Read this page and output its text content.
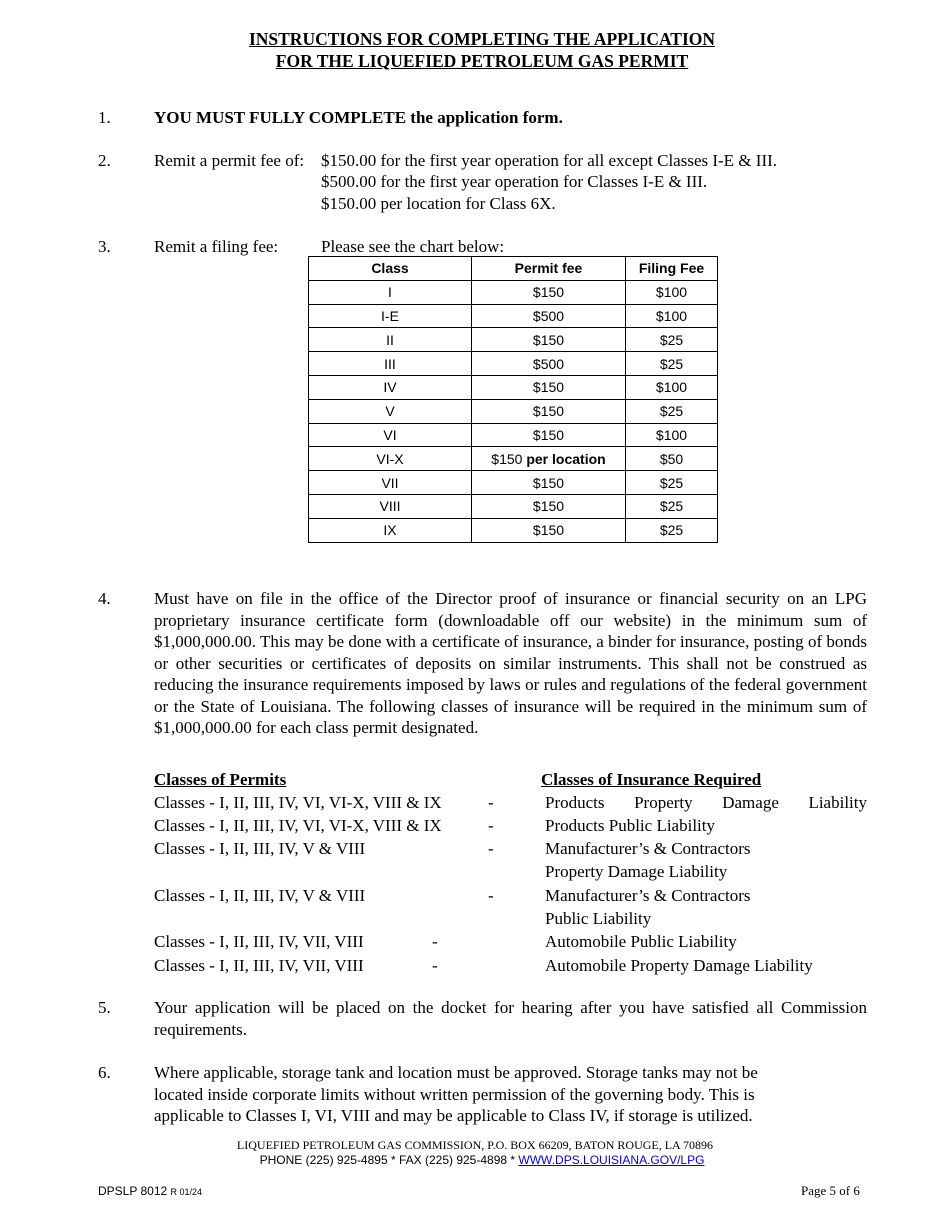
INSTRUCTIONS FOR COMPLETING THE APPLICATION
FOR THE LIQUEFIED PETROLEUM GAS PERMIT
1.	YOU MUST FULLY COMPLETE the application form.
2.	Remit a permit fee of: $150.00 for the first year operation for all except Classes I-E & III.
$500.00 for the first year operation for Classes I-E & III.
$150.00 per location for Class 6X.
3.	Remit a filing fee:	Please see the chart below:
Class	Permit fee	Filing Fee
I	$150	$100
I-E	$500	$100
II	$150	$25
III	$500	$25
IV	$150	$100
V	$150	$25
VI	$150	$100
VI-X	$150 per location	$50
VII	$150	$25
VIII	$150	$25
IX	$150	$25
4.	Must have on file in the office of the Director proof of insurance or financial security on an LPG proprietary insurance certificate form (downloadable off our website) in the minimum sum of $1,000,000.00. This may be done with a certificate of insurance, a binder for insurance, posting of bonds or other securities or certificates of deposits on similar instruments. This shall not be construed as reducing the insurance requirements imposed by laws or rules and regulations of the federal government or the State of Louisiana. The following classes of insurance will be required in the minimum sum of $1,000,000.00 for each class permit designated.
Classes of Permits	Classes of Insurance Required
Classes - I, II, III, IV, VI, VI-X, VIII & IX	-	Products Property Damage Liability
Classes - I, II, III, IV, VI, VI-X, VIII & IX	-	Products Public Liability
Classes - I, II, III, IV, V & VIII	-	Manufacturer’s & Contractors
Property Damage Liability
Classes - I, II, III, IV, V & VIII	-	Manufacturer’s & Contractors
Public Liability
Classes - I, II, III, IV, VII, VIII	-	Automobile Public Liability
Classes - I, II, III, IV, VII, VIII	-	Automobile Property Damage Liability
5.	Your application will be placed on the docket for hearing after you have satisfied all Commission requirements.
6.	Where applicable, storage tank and location must be approved. Storage tanks may not be
located inside corporate limits without written permission of the governing body. This is
applicable to Classes I, VI, VIII and may be applicable to Class IV, if storage is utilized.
LIQUEFIED PETROLEUM GAS COMMISSION, P.O. BOX 66209, BATON ROUGE, LA 70896
PHONE (225) 925-4895 * FAX (225) 925-4898 * WWW.DPS.LOUISIANA.GOV/LPG
DPSLP 8012 R 01/24	Page 5 of 6
